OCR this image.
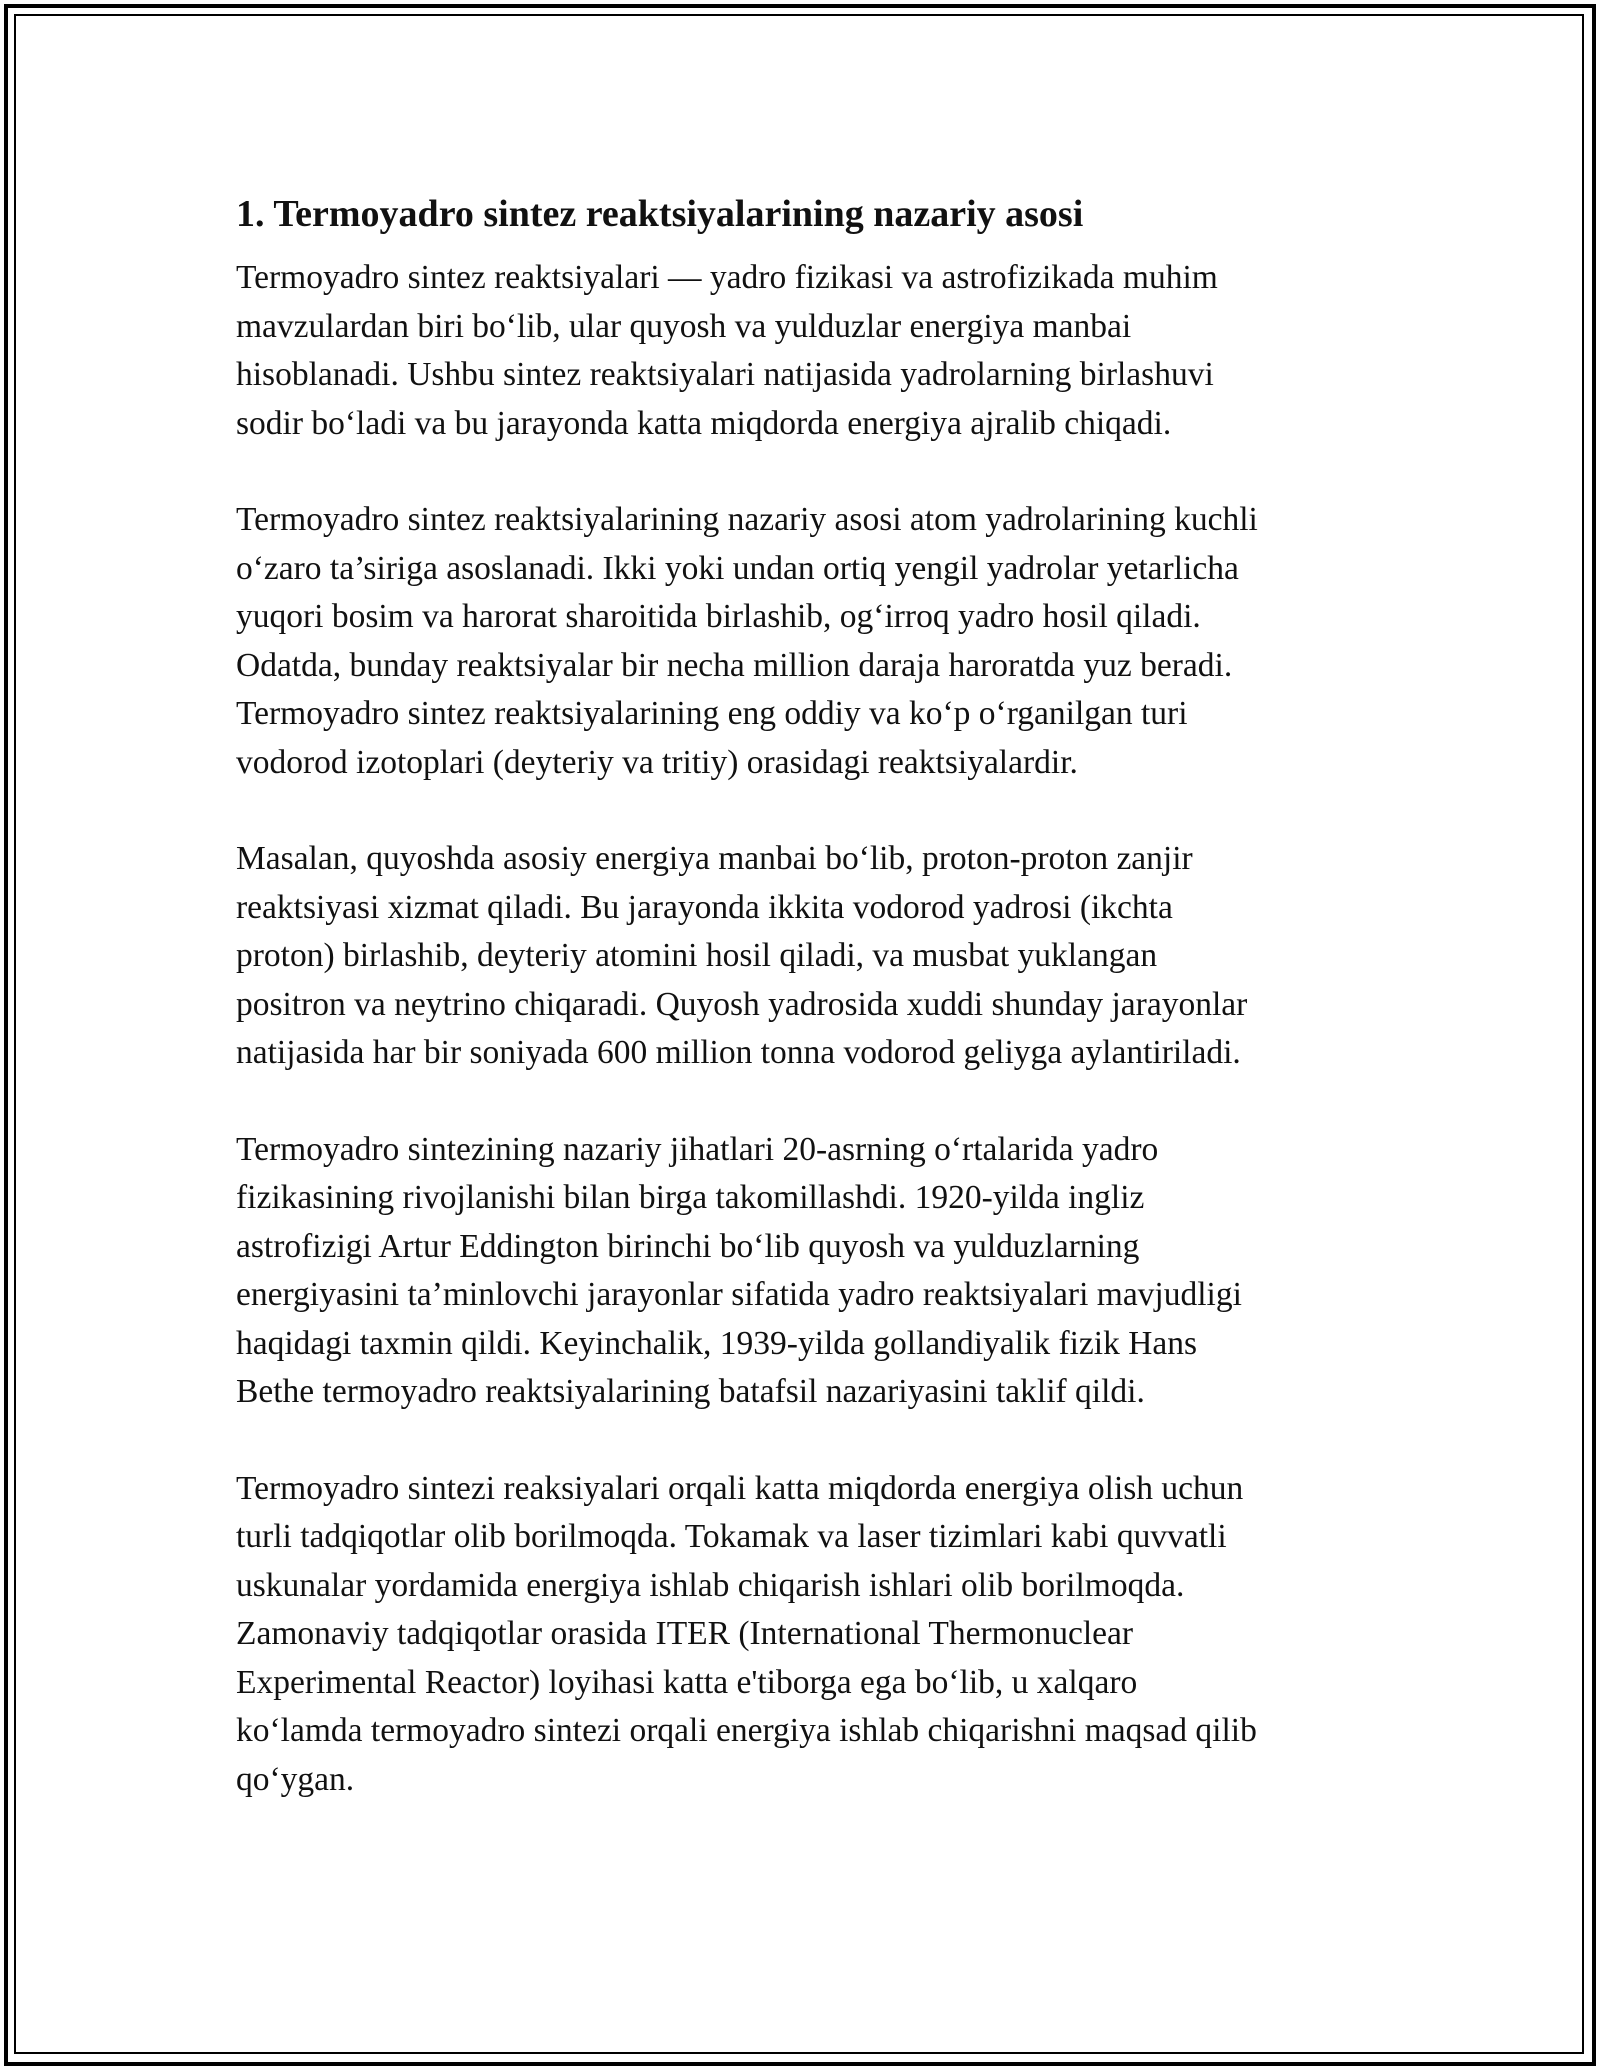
1. Termoyadro sintez reaktsiyalarining nazariy asosi

Termoyadro sintez reaktsiyalari — yadro fizikasi va astrofizikada muhim
mavzulardan biri bo‘lib, ular quyosh va yulduzlar energiya manbai
hisoblanadi. Ushbu sintez reaktsiyalari natijasida yadrolarning birlashuvi
sodir bo‘ladi va bu jarayonda katta miqdorda energiya ajralib chiqadi.

Termoyadro sintez reaktsiyalarining nazariy asosi atom yadrolarining kuchli
o‘zaro ta’siriga asoslanadi. Ikki yoki undan ortiq yengil yadrolar yetarlicha
yuqori bosim va harorat sharoitida birlashib, og‘irroq yadro hosil qiladi.
Odatda, bunday reaktsiyalar bir necha million daraja haroratda yuz beradi.
Termoyadro sintez reaktsiyalarining eng oddiy va ko‘p o‘rganilgan turi
vodorod izotoplari (deyteriy va tritiy) orasidagi reaktsiyalardir.

Masalan, quyoshda asosiy energiya manbai bo‘lib, proton-proton zanjir
reaktsiyasi xizmat qiladi. Bu jarayonda ikkita vodorod yadrosi (ikchta
proton) birlashib, deyteriy atomini hosil qiladi, va musbat yuklangan
positron va neytrino chiqaradi. Quyosh yadrosida xuddi shunday jarayonlar
natijasida har bir soniyada 600 million tonna vodorod geliyga aylantiriladi.

Termoyadro sintezining nazariy jihatlari 20-asrning o‘rtalarida yadro
fizikasining rivojlanishi bilan birga takomillashdi. 1920-yilda ingliz
astrofizigi Artur Eddington birinchi bo‘lib quyosh va yulduzlarning
energiyasini ta’minlovchi jarayonlar sifatida yadro reaktsiyalari mavjudligi
haqidagi taxmin qildi. Keyinchalik, 1939-yilda gollandiyalik fizik Hans
Bethe termoyadro reaktsiyalarining batafsil nazariyasini taklif qildi.

Termoyadro sintezi reaksiyalari orqali katta miqdorda energiya olish uchun
turli tadqiqotlar olib borilmoqda. Tokamak va laser tizimlari kabi quvvatli
uskunalar yordamida energiya ishlab chiqarish ishlari olib borilmoqda.
Zamonaviy tadqiqotlar orasida ITER (International Thermonuclear
Experimental Reactor) loyihasi katta e'tiborga ega bo‘lib, u xalqaro
ko‘lamda termoyadro sintezi orqali energiya ishlab chiqarishni maqsad qilib
qo‘ygan.
